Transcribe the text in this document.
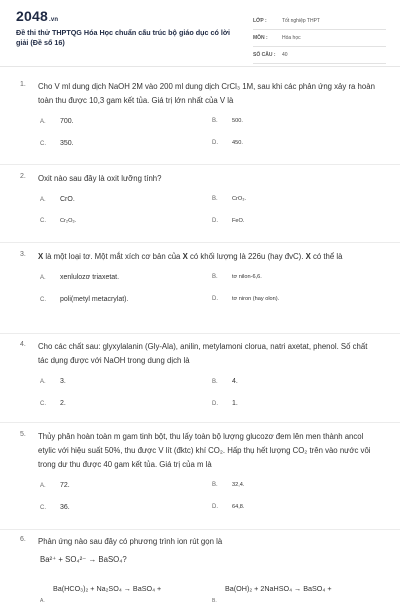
2048.vn
Đề thi thử THPTQG Hóa Học chuẩn cấu trúc bộ giáo dục có lời giải (Đề số 16)
LỚP :	Tốt nghiệp THPT
MÔN :	Hóa học
SỐ CÂU :	40
1.	Cho V ml dung dịch NaOH 2M vào 200 ml dung dịch CrCl₃ 1M, sau khi các phản ứng xảy ra hoàn toàn thu được 10,3 gam kết tủa. Giá trị lớn nhất của V là
A.	700.	B.	500.
C.	350.	D.	450.
2.	Oxit nào sau đây là oxit lưỡng tính?
A.	CrO.	B.	CrO₃.
C.	Cr₂O₃.	D.	FeO.
3.	X là một loại tơ. Một mắt xích cơ bản của X có khối lượng là 226u (hay đvC). X có thể là
A.	xenlulozơ triaxetat.	B.	tơ nilon-6,6.
C.	poli(metyl metacrylat).	D.	tơ niron (hay olon).
4.	Cho các chất sau: glyxylalanin (Gly-Ala), anilin, metylamoni clorua, natri axetat, phenol. Số chất tác dụng được với NaOH trong dung dịch là
A.	3.	B.	4.
C.	2.	D.	1.
5.	Thủy phân hoàn toàn m gam tinh bột, thu lấy toàn bộ lượng glucozơ đem lên men thành ancol etylic với hiệu suất 50%, thu được V lít (đktc) khí CO₂. Hấp thụ hết lượng CO₂ trên vào nước vôi trong dư thu được 40 gam kết tủa. Giá trị của m là
A.	72.	B.	32,4.
C.	36.	D.	64,8.
6.	Phản ứng nào sau đây có phương trình ion rút gọn là
Ba²⁺ + SO₄²⁻ → BaSO₄?
A.
Ba(HCO₃)₂ + Na₂SO₄ → BaSO₄ +
B.
Ba(OH)₂ + 2NaHSO₄ → BaSO₄ +
